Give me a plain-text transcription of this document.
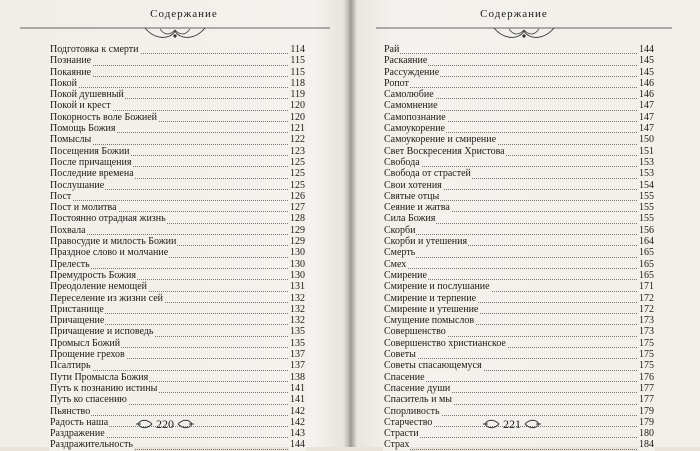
Содержание
Подготовка к смерти	114
Познание	115
Покаяние	115
Покой	118
Покой душевный	119
Покой и крест	120
Покорность воле Божией	120
Помощь Божия	121
Помыслы	122
Посещения Божии	123
После причащения	125
Последние времена	125
Послушание	125
Пост	126
Пост и молитва	127
Постоянно отрадная жизнь	128
Похвала	129
Правосудие и милость Божии	129
Праздное слово и молчание	130
Прелесть	130
Премудрость Божия	130
Преодоление немощей	131
Переселение из жизни сей	132
Пристанище	132
Причащение	132
Причащение и исповедь	135
Промысл Божий	135
Прощение грехов	137
Псалтирь	137
Пути Промысла Божия	138
Путь к познанию истины	141
Путь ко спасению	141
Пьянство	142
Радость наша	142
Раздражение	143
Раздражительность	144
220
Содержание
Рай	144
Раскаяние	145
Рассуждение	145
Ропот	146
Самолюбие	146
Самомнение	147
Самопознание	147
Самоукорение	147
Самоукорение и смирение	150
Свет Воскресения Христова	151
Свобода	153
Свобода от страстей	153
Свои хотения	154
Святые отцы	155
Сеяние и жатва	155
Сила Божия	155
Скорби	156
Скорби и утешения	164
Смерть	165
Смех	165
Смирение	165
Смирение и послушание	171
Смирение и терпение	172
Смирение и утешение	172
Смущение помыслов	173
Совершенство	173
Совершенство христианское	175
Советы	175
Советы спасающемуся	175
Спасение	176
Спасение души	177
Спаситель и мы	177
Спорливость	179
Старчество	179
Страсти	180
Страх	184
221
